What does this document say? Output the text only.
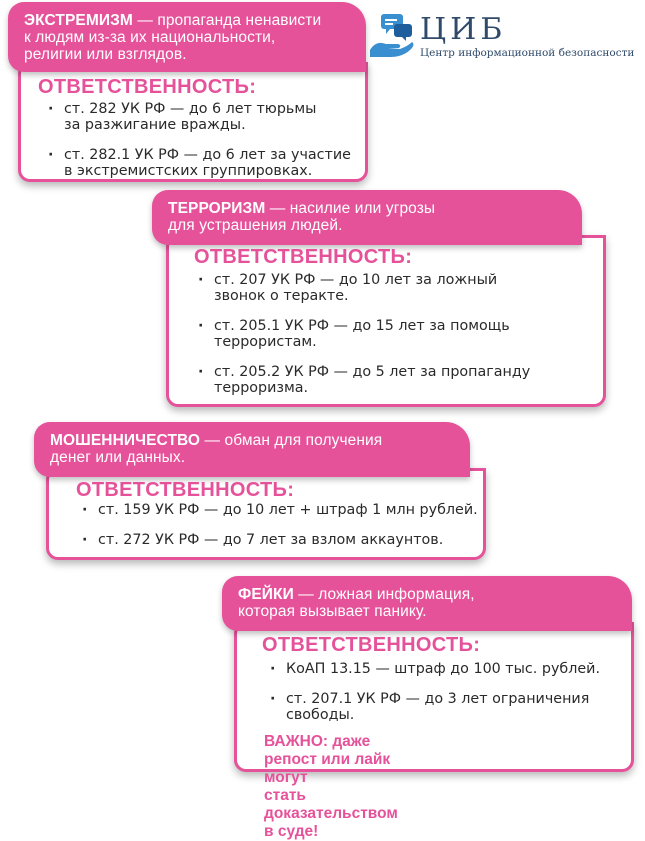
ЦИБ
Центр информационной безопасности
ЭКСТРЕМИЗМ — пропаганда ненависти
к людям из-за их национальности,
религии или взглядов.
ОТВЕТСТВЕННОСТЬ:
· ст. 282 УК РФ — до 6 лет тюрьмы
за разжигание вражды.
· ст. 282.1 УК РФ — до 6 лет за участие
в экстремистских группировках.
ТЕРРОРИЗМ — насилие или угрозы
для устрашения людей.
ОТВЕТСТВЕННОСТЬ:
· ст. 207 УК РФ — до 10 лет за ложный
звонок о теракте.
· ст. 205.1 УК РФ — до 15 лет за помощь
террористам.
· ст. 205.2 УК РФ — до 5 лет за пропаганду
терроризма.
МОШЕННИЧЕСТВО — обман для получения
денег или данных.
ОТВЕТСТВЕННОСТЬ:
· ст. 159 УК РФ — до 10 лет + штраф 1 млн рублей.
· ст. 272 УК РФ — до 7 лет за взлом аккаунтов.
ФЕЙКИ — ложная информация,
которая вызывает панику.
ОТВЕТСТВЕННОСТЬ:
· КоАП 13.15 — штраф до 100 тыс. рублей.
· ст. 207.1 УК РФ — до 3 лет ограничения
свободы.
ВАЖНО: даже репост или лайк могут
стать доказательством в суде!
